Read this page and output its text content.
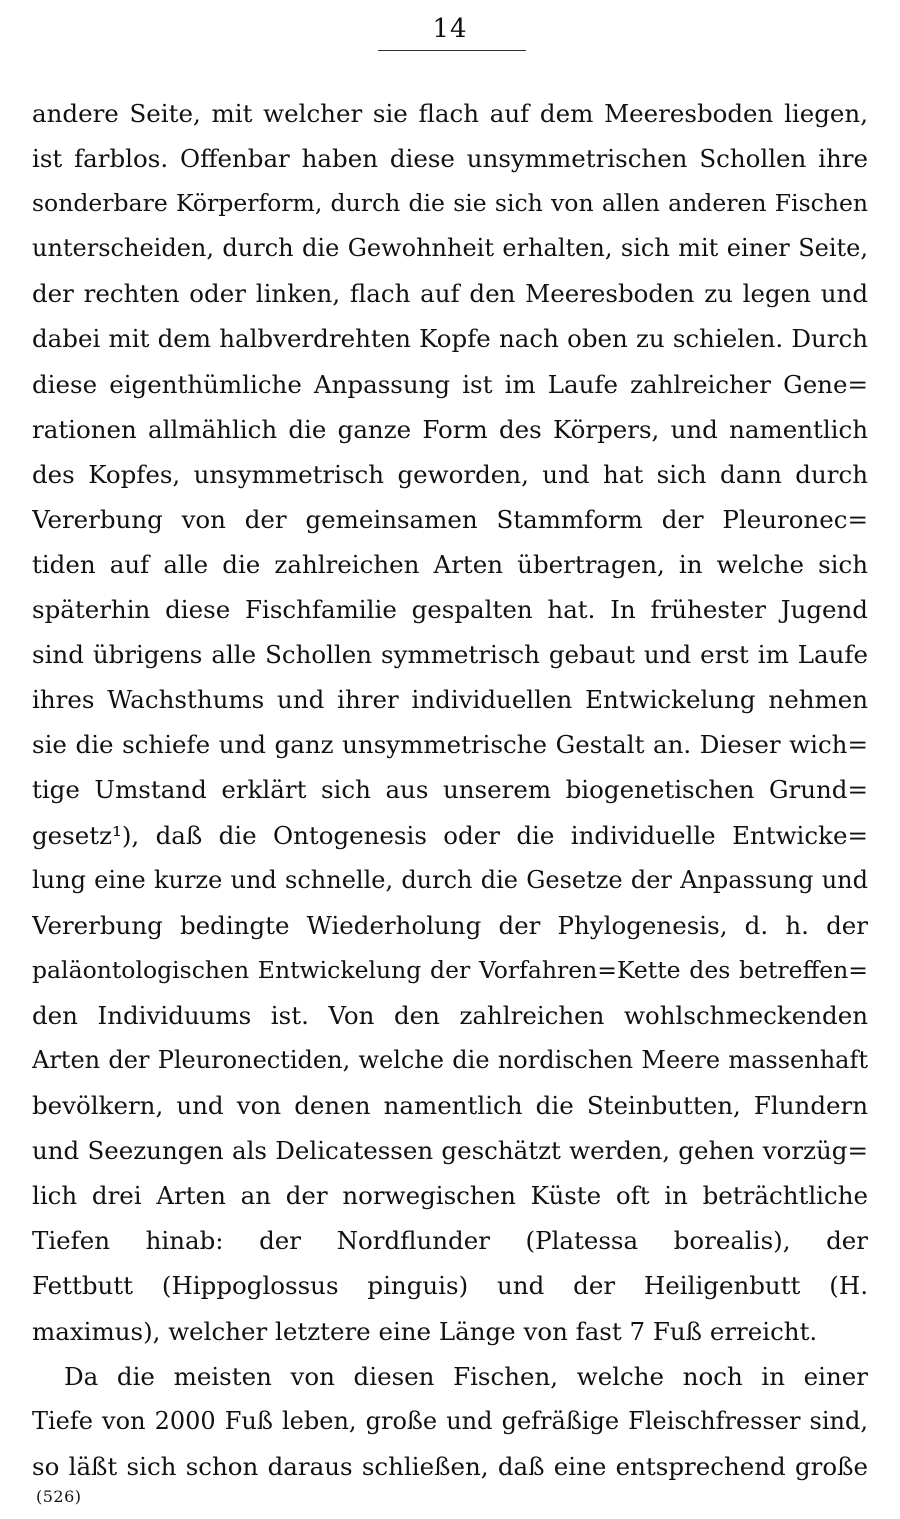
14
andere Seite, mit welcher sie flach auf dem Meeresboden liegen,
ist farblos. Offenbar haben diese unsymmetrischen Schollen ihre
sonderbare Körperform, durch die sie sich von allen anderen Fischen
unterscheiden, durch die Gewohnheit erhalten, sich mit einer Seite,
der rechten oder linken, flach auf den Meeresboden zu legen und
dabei mit dem halbverdrehten Kopfe nach oben zu schielen. Durch
diese eigenthümliche Anpassung ist im Laufe zahlreicher Gene=
rationen allmählich die ganze Form des Körpers, und namentlich
des Kopfes, unsymmetrisch geworden, und hat sich dann durch
Vererbung von der gemeinsamen Stammform der Pleuronec=
tiden auf alle die zahlreichen Arten übertragen, in welche sich
späterhin diese Fischfamilie gespalten hat. In frühester Jugend
sind übrigens alle Schollen symmetrisch gebaut und erst im Laufe
ihres Wachsthums und ihrer individuellen Entwickelung nehmen
sie die schiefe und ganz unsymmetrische Gestalt an. Dieser wich=
tige Umstand erklärt sich aus unserem biogenetischen Grund=
gesetz¹), daß die Ontogenesis oder die individuelle Entwicke=
lung eine kurze und schnelle, durch die Gesetze der Anpassung und
Vererbung bedingte Wiederholung der Phylogenesis, d. h. der
paläontologischen Entwickelung der Vorfahren=Kette des betreffen=
den Individuums ist. Von den zahlreichen wohlschmeckenden
Arten der Pleuronectiden, welche die nordischen Meere massenhaft
bevölkern, und von denen namentlich die Steinbutten, Flundern
und Seezungen als Delicatessen geschätzt werden, gehen vorzüg=
lich drei Arten an der norwegischen Küste oft in beträchtliche
Tiefen hinab: der Nordflunder (Platessa borealis), der
Fettbutt (Hippoglossus pinguis) und der Heiligenbutt (H.
maximus), welcher letztere eine Länge von fast 7 Fuß erreicht.
Da die meisten von diesen Fischen, welche noch in einer
Tiefe von 2000 Fuß leben, große und gefräßige Fleischfresser sind,
so läßt sich schon daraus schließen, daß eine entsprechend große
(526)
